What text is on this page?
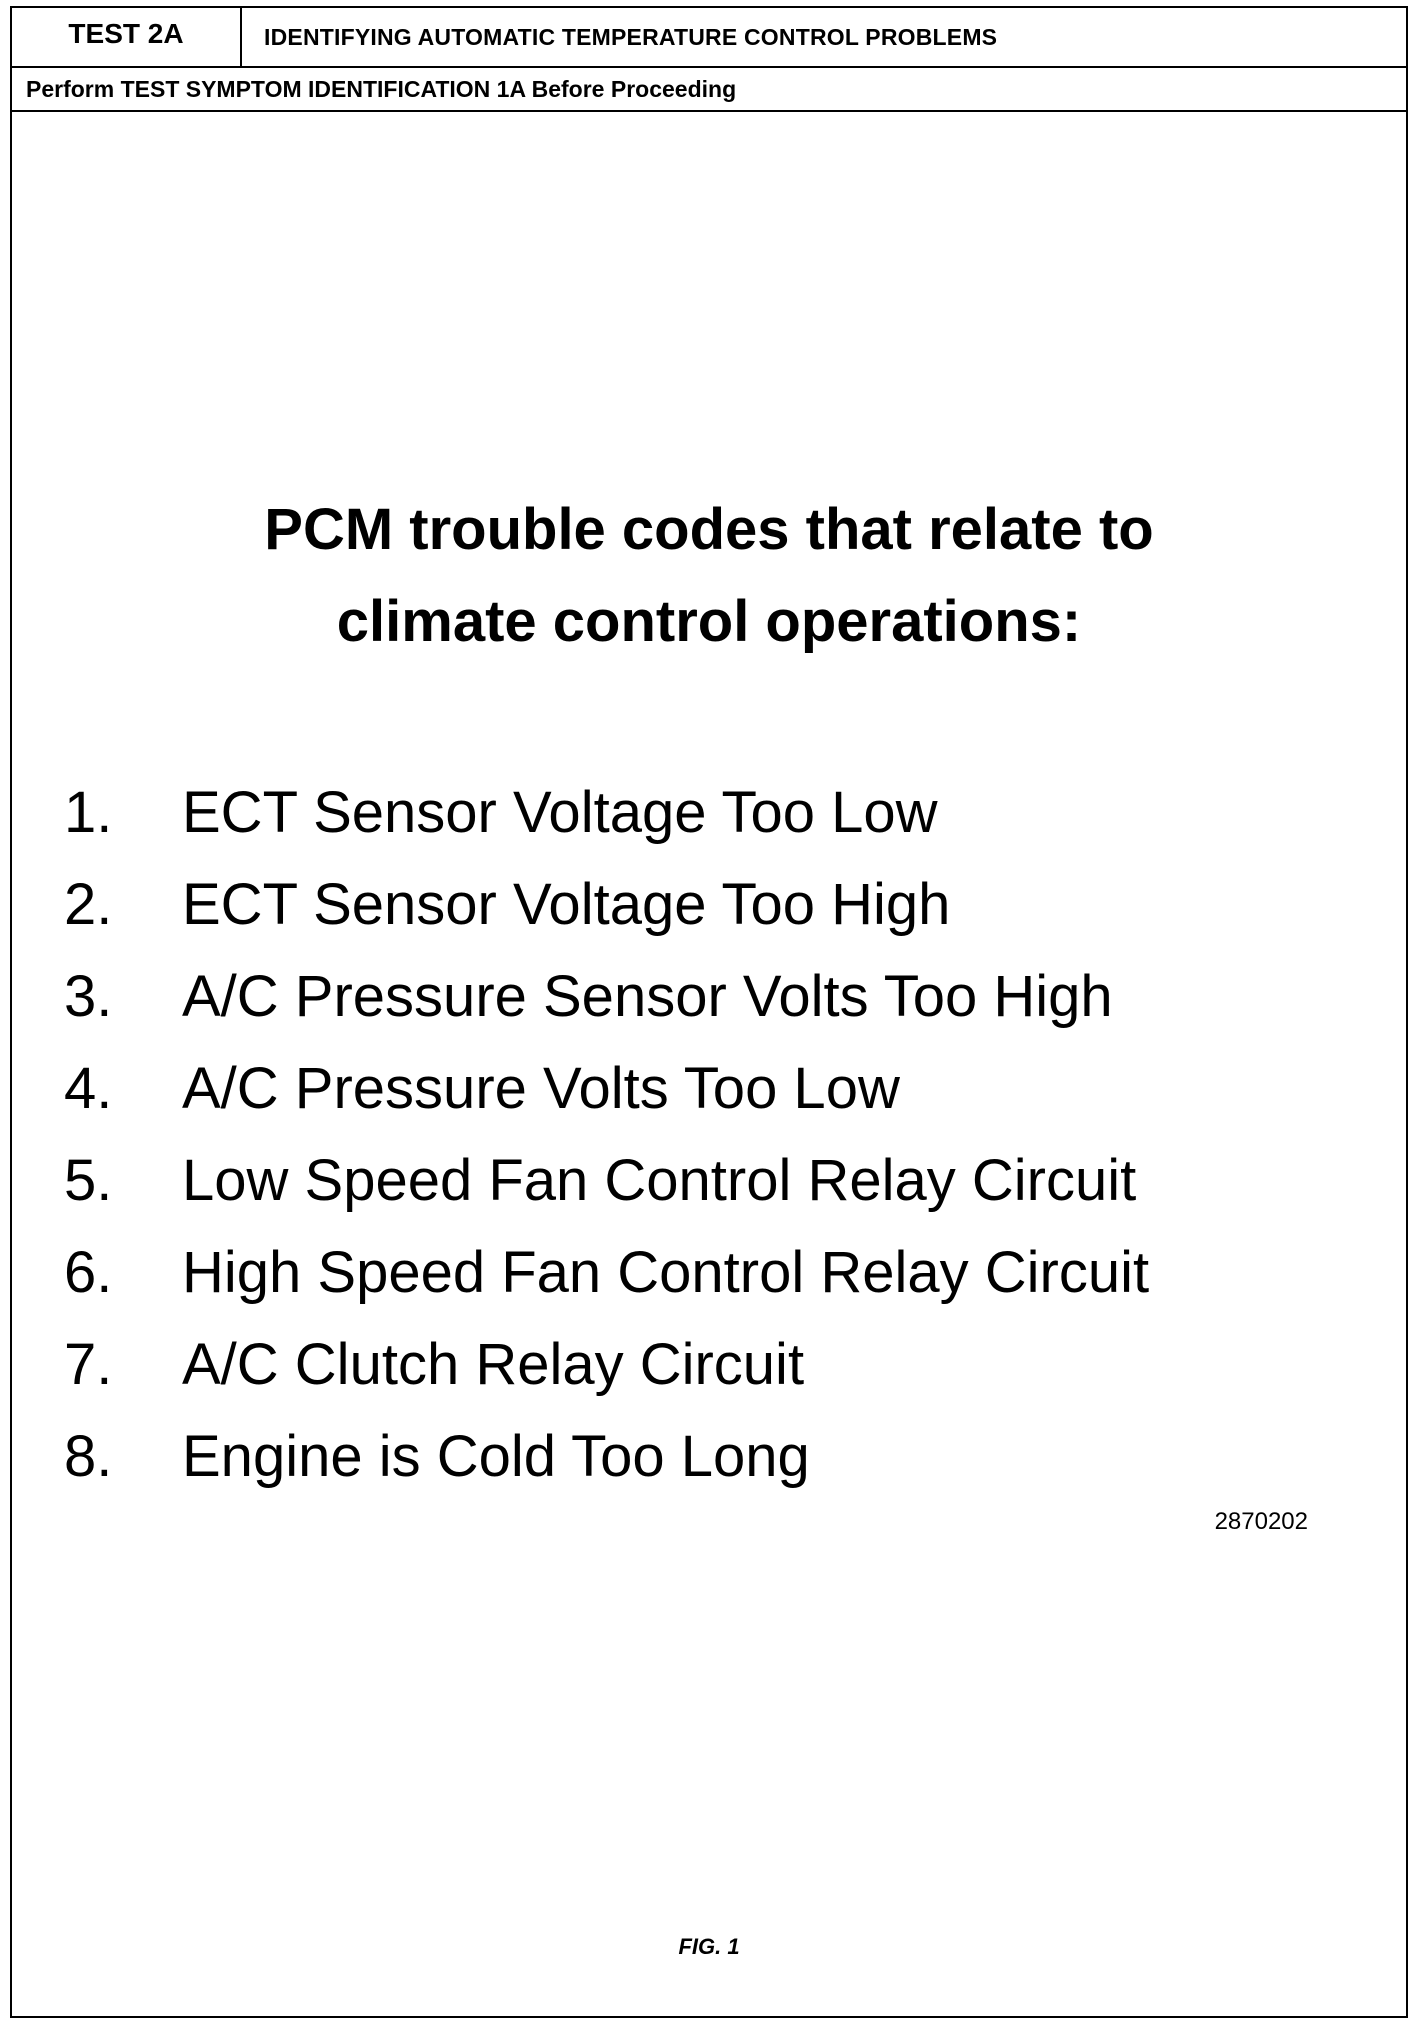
TEST 2A	IDENTIFYING AUTOMATIC TEMPERATURE CONTROL PROBLEMS
Perform TEST SYMPTOM IDENTIFICATION 1A Before Proceeding
PCM trouble codes that relate to
climate control operations:
1.	ECT Sensor Voltage Too Low
2.	ECT Sensor Voltage Too High
3.	A/C Pressure Sensor Volts Too High
4.	A/C Pressure Volts Too Low
5.	Low Speed Fan Control Relay Circuit
6.	High Speed Fan Control Relay Circuit
7.	A/C Clutch Relay Circuit
8.	Engine is Cold Too Long
2870202
FIG. 1
